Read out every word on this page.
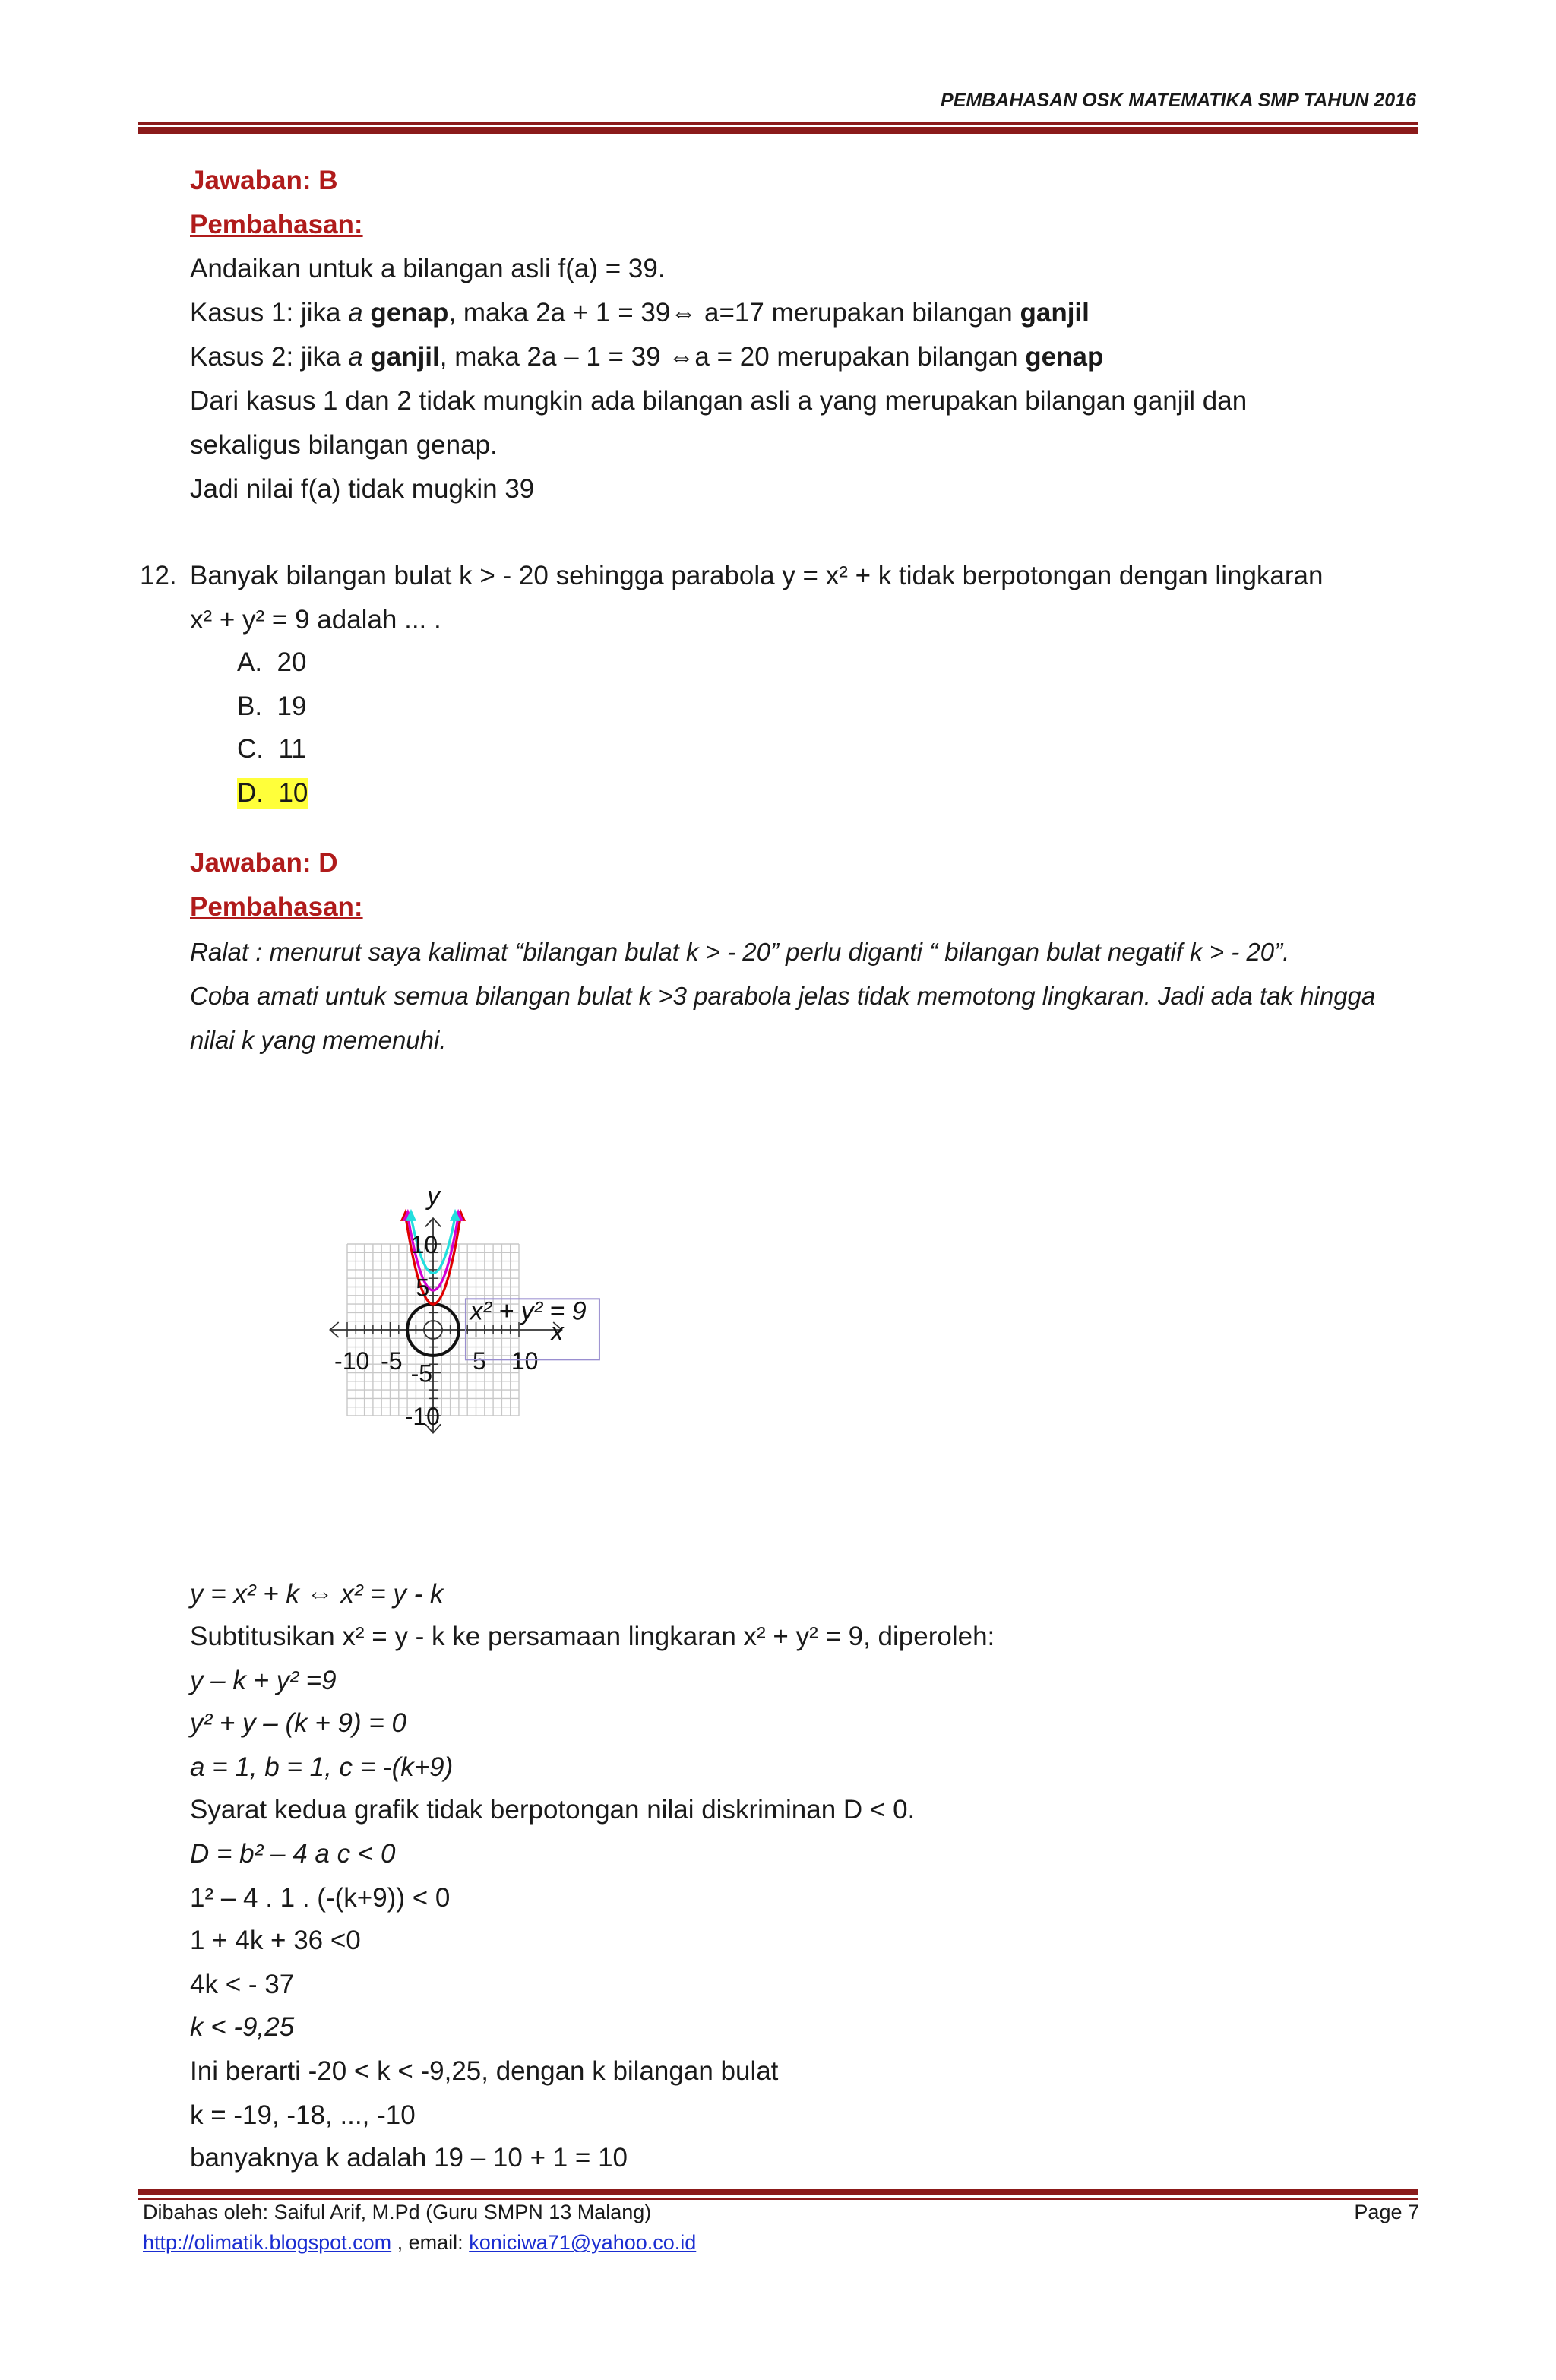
PEMBAHASAN OSK MATEMATIKA SMP TAHUN 2016
Jawaban: B
Pembahasan:
Andaikan untuk a bilangan asli f(a) = 39.
Kasus 1: jika a genap, maka 2a + 1 = 39⇔ a=17 merupakan bilangan ganjil
Kasus 2: jika a ganjil, maka 2a – 1 = 39 ⇔a = 20 merupakan bilangan genap
Dari kasus 1 dan 2 tidak mungkin ada bilangan asli a yang merupakan bilangan ganjil dan
sekaligus bilangan genap.
Jadi nilai f(a) tidak mugkin 39
Banyak bilangan bulat k > - 20 sehingga parabola y = x² + k tidak berpotongan dengan lingkaran
x² + y² = 9 adalah ... .
A. 20
B. 19
C. 11
D. 10
Jawaban: D
Pembahasan:
Ralat : menurut saya kalimat “bilangan bulat k > - 20” perlu diganti “ bilangan bulat negatif k > - 20”.
Coba amati untuk semua bilangan bulat k >3 parabola jelas tidak memotong lingkaran. Jadi ada tak hingga
nilai k yang memenuhi.
y = x² + k ⇔ x² = y - k
Subtitusikan x² = y - k ke persamaan lingkaran x² + y² = 9, diperoleh:
y – k + y² =9
y² + y – (k + 9) = 0
a = 1, b = 1, c = -(k+9)
Syarat kedua grafik tidak berpotongan nilai diskriminan D < 0.
D = b² – 4 a c < 0
1² – 4 . 1 . (-(k+9)) < 0
1 + 4k + 36 <0
4k < - 37
k < -9,25
Ini berarti -20 < k < -9,25, dengan k bilangan bulat
k = -19, -18, ..., -10
banyaknya k adalah 19 – 10 + 1 = 10
12.
y
x
-10 -5	5 10
10
5
-5
-10
x² + y² = 9
Dibahas oleh: Saiful Arif, M.Pd (Guru SMPN 13 Malang)	Page 7
http://olimatik.blogspot.com , email: koniciwa71@yahoo.co.id
